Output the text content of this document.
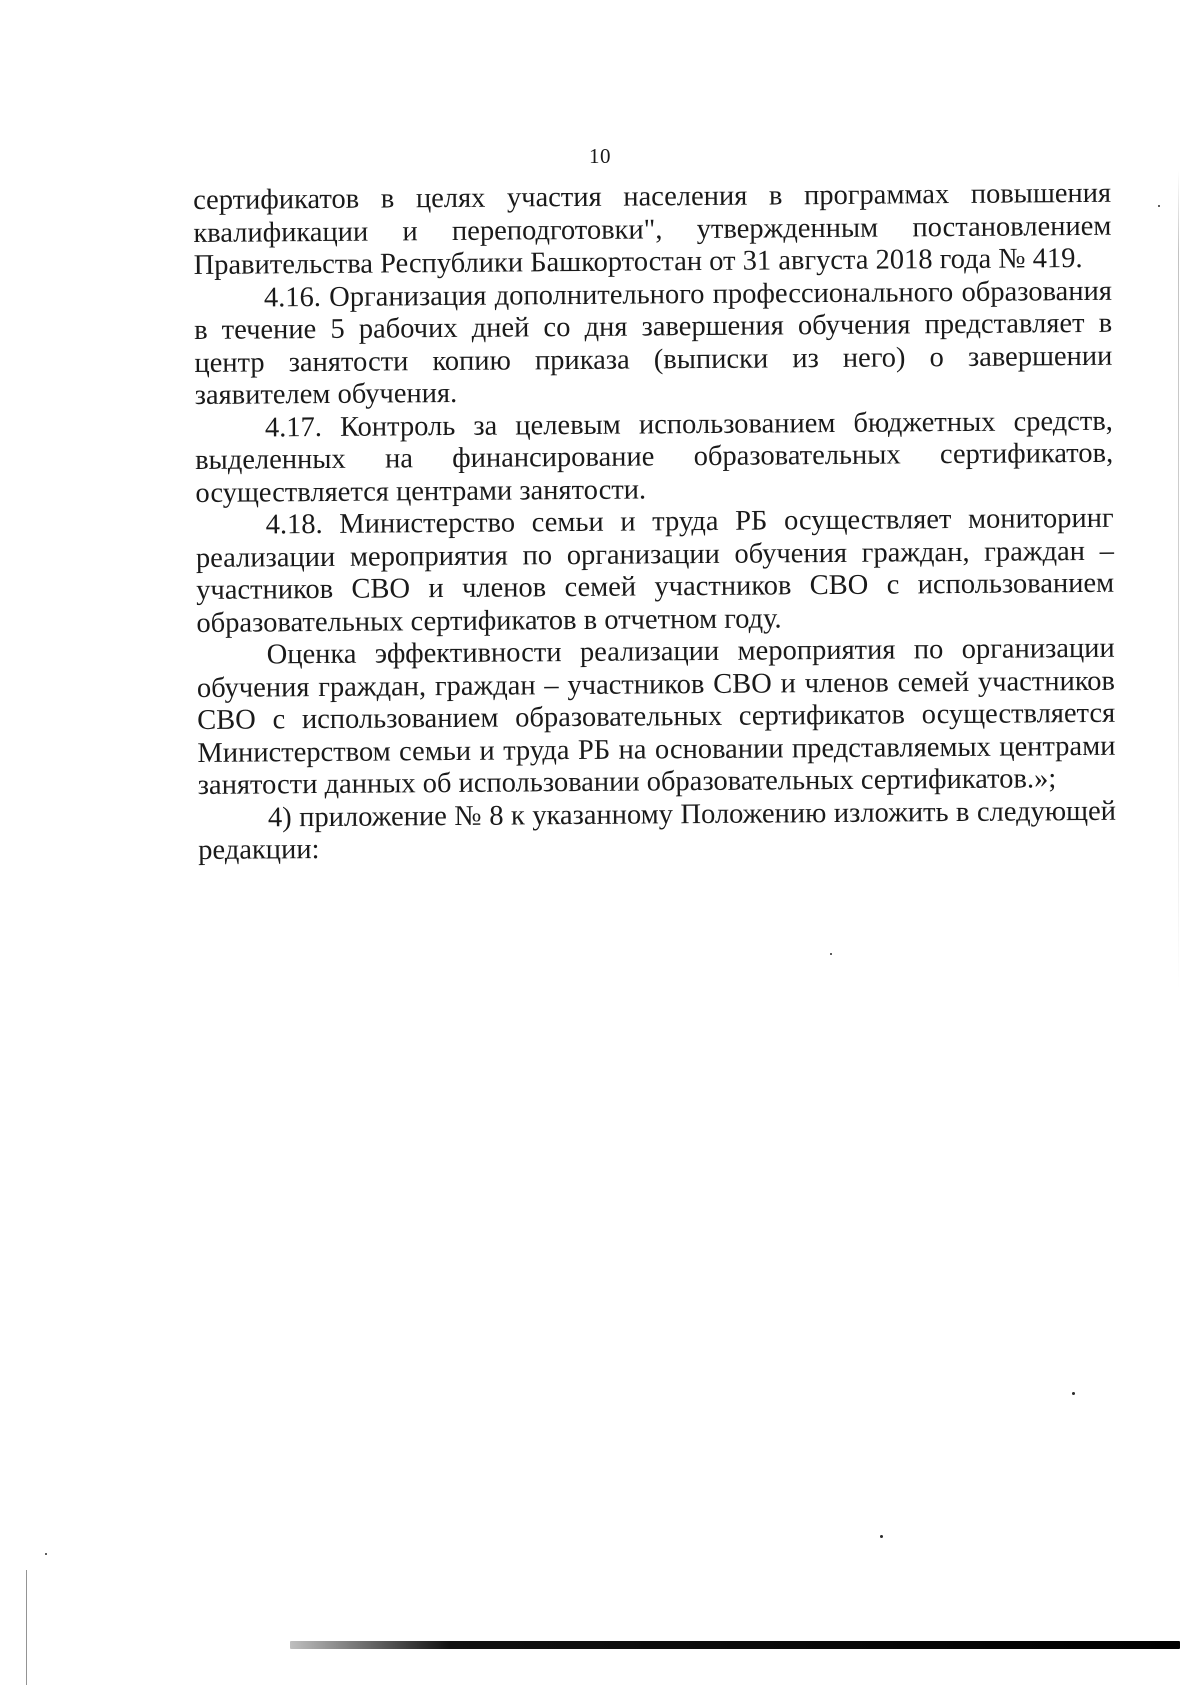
10

сертификатов в целях участия населения в программах повышения квалификации и переподготовки", утвержденным постановлением Правительства Республики Башкортостан от 31 августа 2018 года № 419.

4.16. Организация дополнительного профессионального образования в течение 5 рабочих дней со дня завершения обучения представляет в центр занятости копию приказа (выписки из него) о завершении заявителем обучения.

4.17. Контроль за целевым использованием бюджетных средств, выделенных на финансирование образовательных сертификатов, осуществляется центрами занятости.

4.18. Министерство семьи и труда РБ осуществляет мониторинг реализации мероприятия по организации обучения граждан, граждан – участников СВО и членов семей участников СВО с использованием образовательных сертификатов в отчетном году.

Оценка эффективности реализации мероприятия по организации обучения граждан, граждан – участников СВО и членов семей участников СВО с использованием образовательных сертификатов осуществляется Министерством семьи и труда РБ на основании представляемых центрами занятости данных об использовании образовательных сертификатов.»;

4) приложение № 8 к указанному Положению изложить в следующей редакции:
